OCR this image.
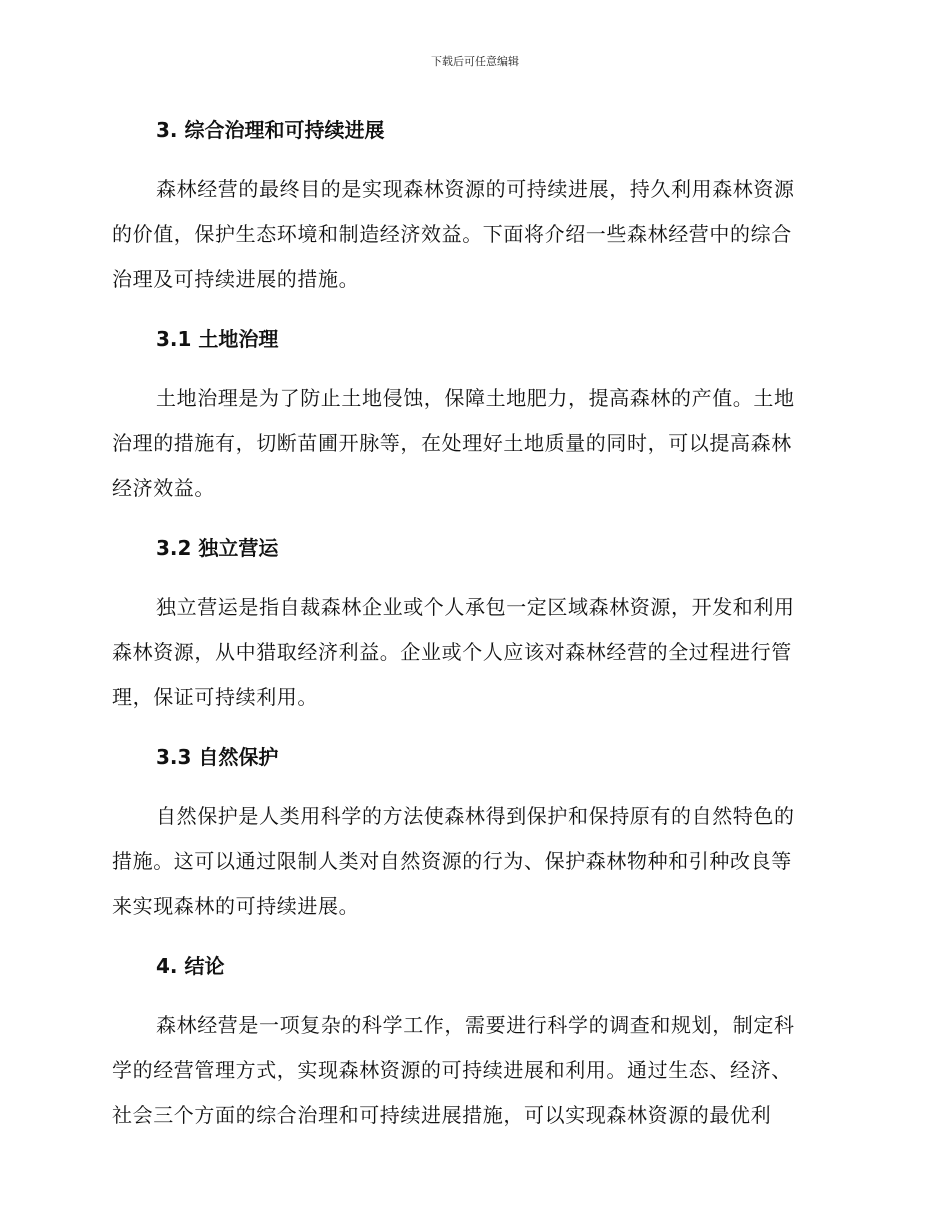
下载后可任意编辑
3. 综合治理和可持续进展
森林经营的最终目的是实现森林资源的可持续进展，持久利用森林资源
的价值，保护生态环境和制造经济效益。下面将介绍一些森林经营中的综合
治理及可持续进展的措施。
3.1 土地治理
土地治理是为了防止土地侵蚀，保障土地肥力，提高森林的产值。土地
治理的措施有，切断苗圃开脉等，在处理好土地质量的同时，可以提高森林
经济效益。
3.2 独立营运
独立营运是指自裁森林企业或个人承包一定区域森林资源，开发和利用
森林资源，从中猎取经济利益。企业或个人应该对森林经营的全过程进行管
理，保证可持续利用。
3.3 自然保护
自然保护是人类用科学的方法使森林得到保护和保持原有的自然特色的
措施。这可以通过限制人类对自然资源的行为、保护森林物种和引种改良等
来实现森林的可持续进展。
4. 结论
森林经营是一项复杂的科学工作，需要进行科学的调查和规划，制定科
学的经营管理方式，实现森林资源的可持续进展和利用。通过生态、经济、
社会三个方面的综合治理和可持续进展措施，可以实现森林资源的最优利
